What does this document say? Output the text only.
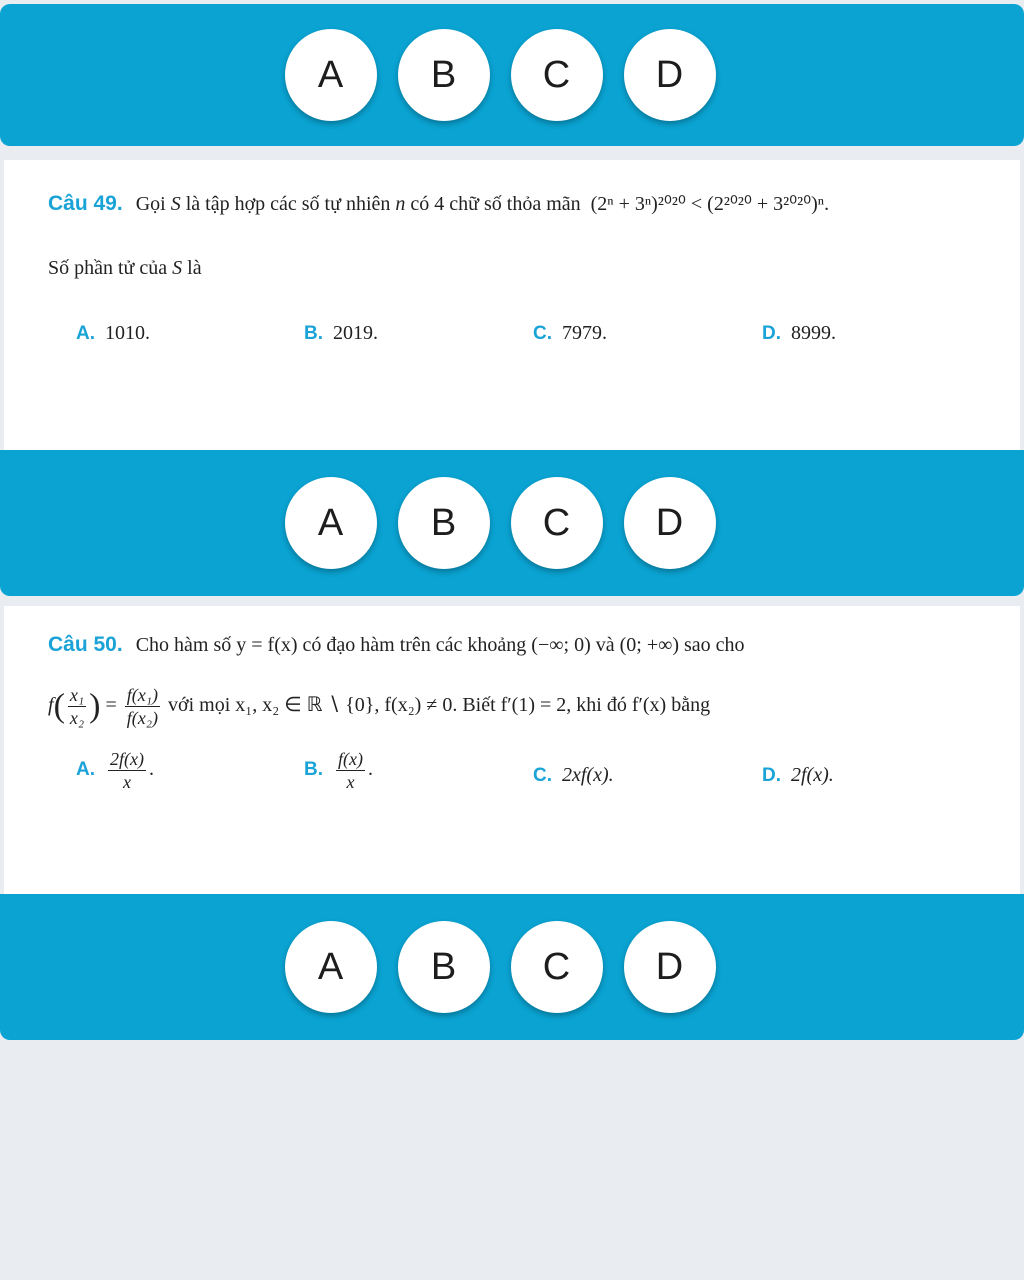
A	B	C	D
Câu 49. Gọi S là tập hợp các số tự nhiên n có 4 chữ số thỏa mãn (2ⁿ + 3ⁿ)²⁰²⁰ < (2²⁰²⁰ + 3²⁰²⁰)ⁿ.
Số phần tử của S là
A. 1010.	B. 2019.	C. 7979.	D. 8999.
A	B	C	D
Câu 50. Cho hàm số y = f(x) có đạo hàm trên các khoảng (−∞; 0) và (0; +∞) sao cho
$f( \frac{\text{x₁}}{\text{x₂}}$ ) = $\frac{\text{f(x₁)}}{\text{f(x₂)}}$ với mọi x₁, x₂ ∈ ℝ ∖ {0}, f(x₂) ≠ 0. Biết f′(1) = 2, khi đó f′(x) bằng
A. $\frac{2f(x)}{x}$ .	B. $\frac{f(x)}{x}$ .	C. 2xf(x).	D. 2f(x).
A	B	C	D
